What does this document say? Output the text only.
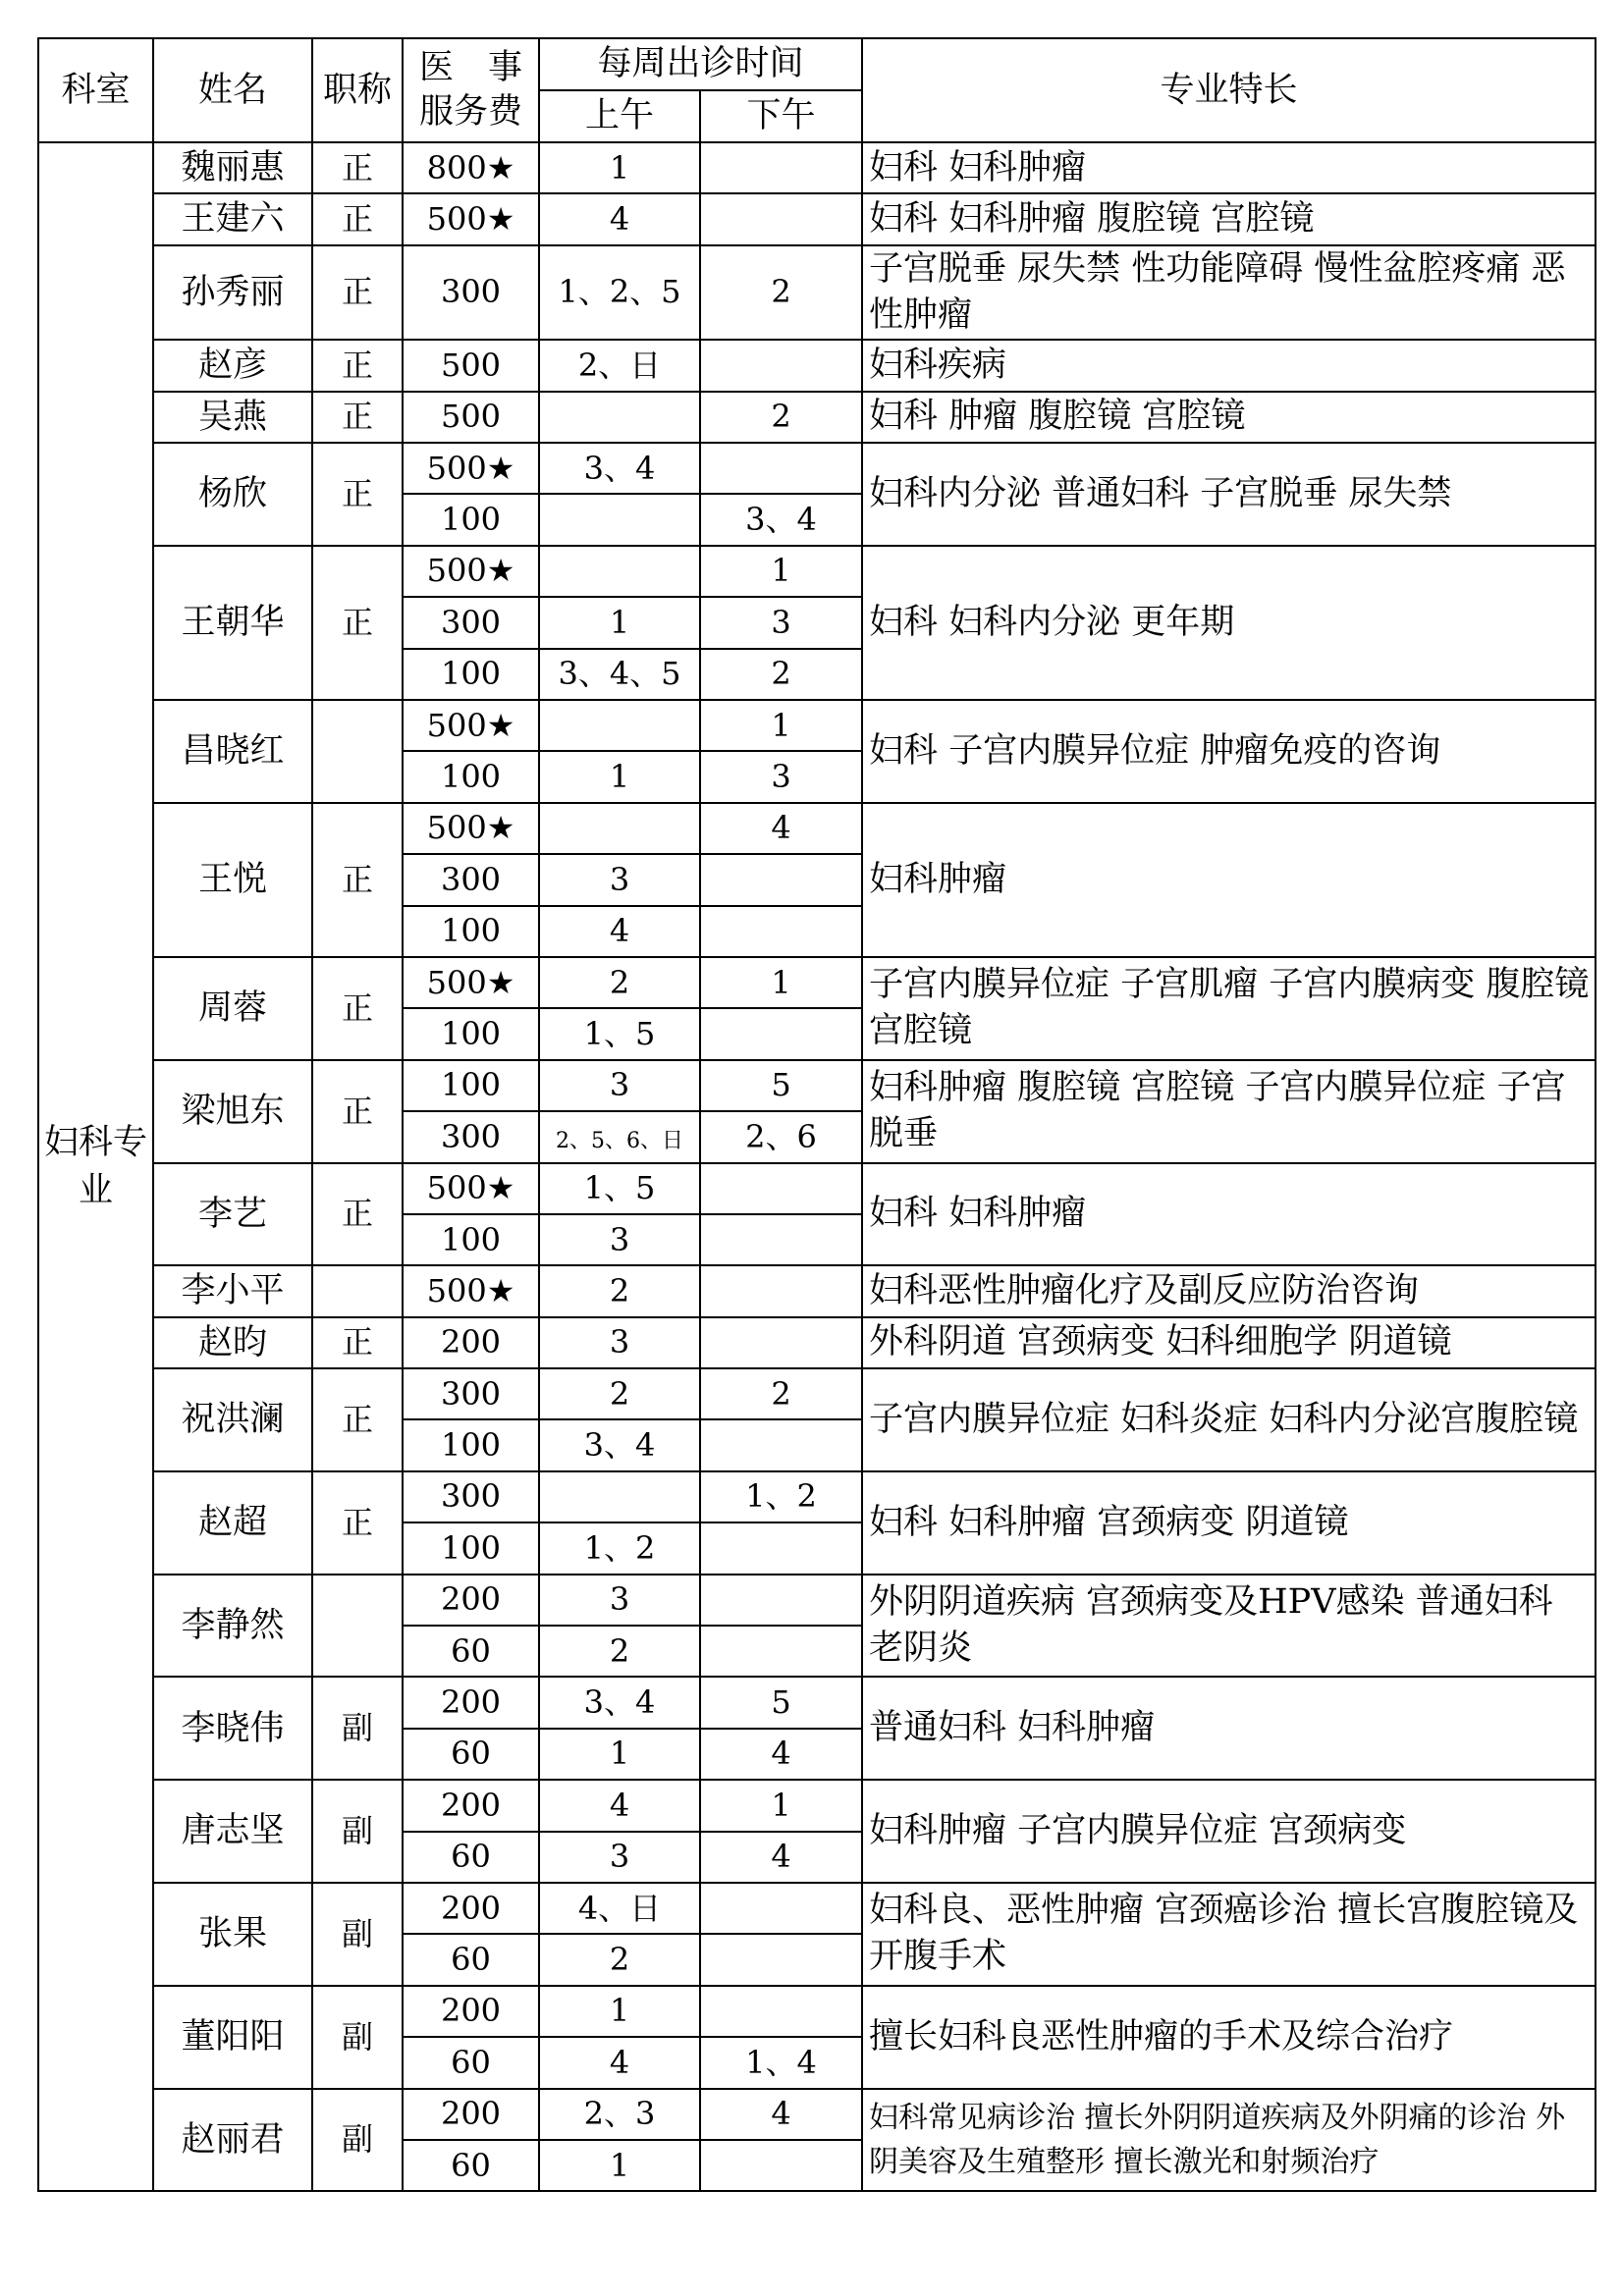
科室	姓名	职称	医　事
服务费	每周出诊时间		专业特长
				上午	下午	
妇科专业	魏丽惠	正	800★	1		妇科 妇科肿瘤
	王建六	正	500★	4		妇科 妇科肿瘤 腹腔镜 宫腔镜
	孙秀丽	正	300	1、2、5	2	子宫脱垂 尿失禁 性功能障碍 慢性盆腔疼痛 恶性肿瘤
	赵彦	正	500	2、日		妇科疾病
	吴燕	正	500		2	妇科 肿瘤 腹腔镜 宫腔镜
	杨欣	正	500★	3、4		妇科内分泌 普通妇科 子宫脱垂 尿失禁
			100		3、4	
	王朝华	正	500★		1	妇科 妇科内分泌 更年期
			300	1	3	
			100	3、4、5	2	
	昌晓红		500★		1	妇科 子宫内膜异位症 肿瘤免疫的咨询
			100	1	3	
	王悦	正	500★		4	妇科肿瘤
			300	3		
			100	4		
	周蓉	正	500★	2	1	子宫内膜异位症 子宫肌瘤 子宫内膜病变 腹腔镜 宫腔镜
			100	1、5		
	梁旭东	正	100	3	5	妇科肿瘤 腹腔镜 宫腔镜 子宫内膜异位症 子宫脱垂
			300	2、5、6、日	2、6	
	李艺	正	500★	1、5		妇科 妇科肿瘤
			100	3		
	李小平		500★	2		妇科恶性肿瘤化疗及副反应防治咨询
	赵昀	正	200	3		外科阴道 宫颈病变 妇科细胞学 阴道镜
	祝洪澜	正	300	2	2	子宫内膜异位症 妇科炎症 妇科内分泌宫腹腔镜
			100	3、4		
	赵超	正	300		1、2	妇科 妇科肿瘤 宫颈病变 阴道镜
			100	1、2		
	李静然		200	3		外阴阴道疾病 宫颈病变及HPV感染 普通妇科 老阴炎
			60	2		
	李晓伟	副	200	3、4	5	普通妇科 妇科肿瘤
			60	1	4	
	唐志坚	副	200	4	1	妇科肿瘤 子宫内膜异位症 宫颈病变
			60	3	4	
	张果	副	200	4、日		妇科良、恶性肿瘤 宫颈癌诊治 擅长宫腹腔镜及开腹手术
			60	2		
	董阳阳	副	200	1		擅长妇科良恶性肿瘤的手术及综合治疗
			60	4	1、4	
	赵丽君	副	200	2、3	4	妇科常见病诊治 擅长外阴阴道疾病及外阴痛的诊治 外阴美容及生殖整形 擅长激光和射频治疗
			60	1		
